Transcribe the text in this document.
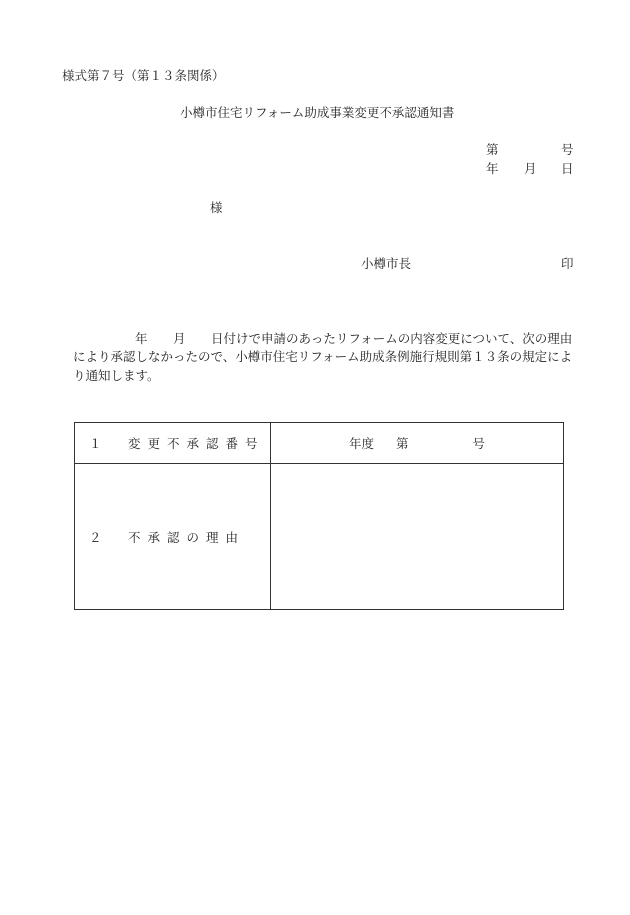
様式第７号（第１３条関係）
小樽市住宅リフォーム助成事業変更不承認通知書
第	号
年 月 日
様
小樽市長	印
年 月 日付けで申請のあったリフォームの内容変更について、次の理由
により承認しなかったので、小樽市住宅リフォーム助成条例施行規則第１３条の規定によ
り通知します。
１　変更不承認番号	年度 第 号
２　不承認の理由	
